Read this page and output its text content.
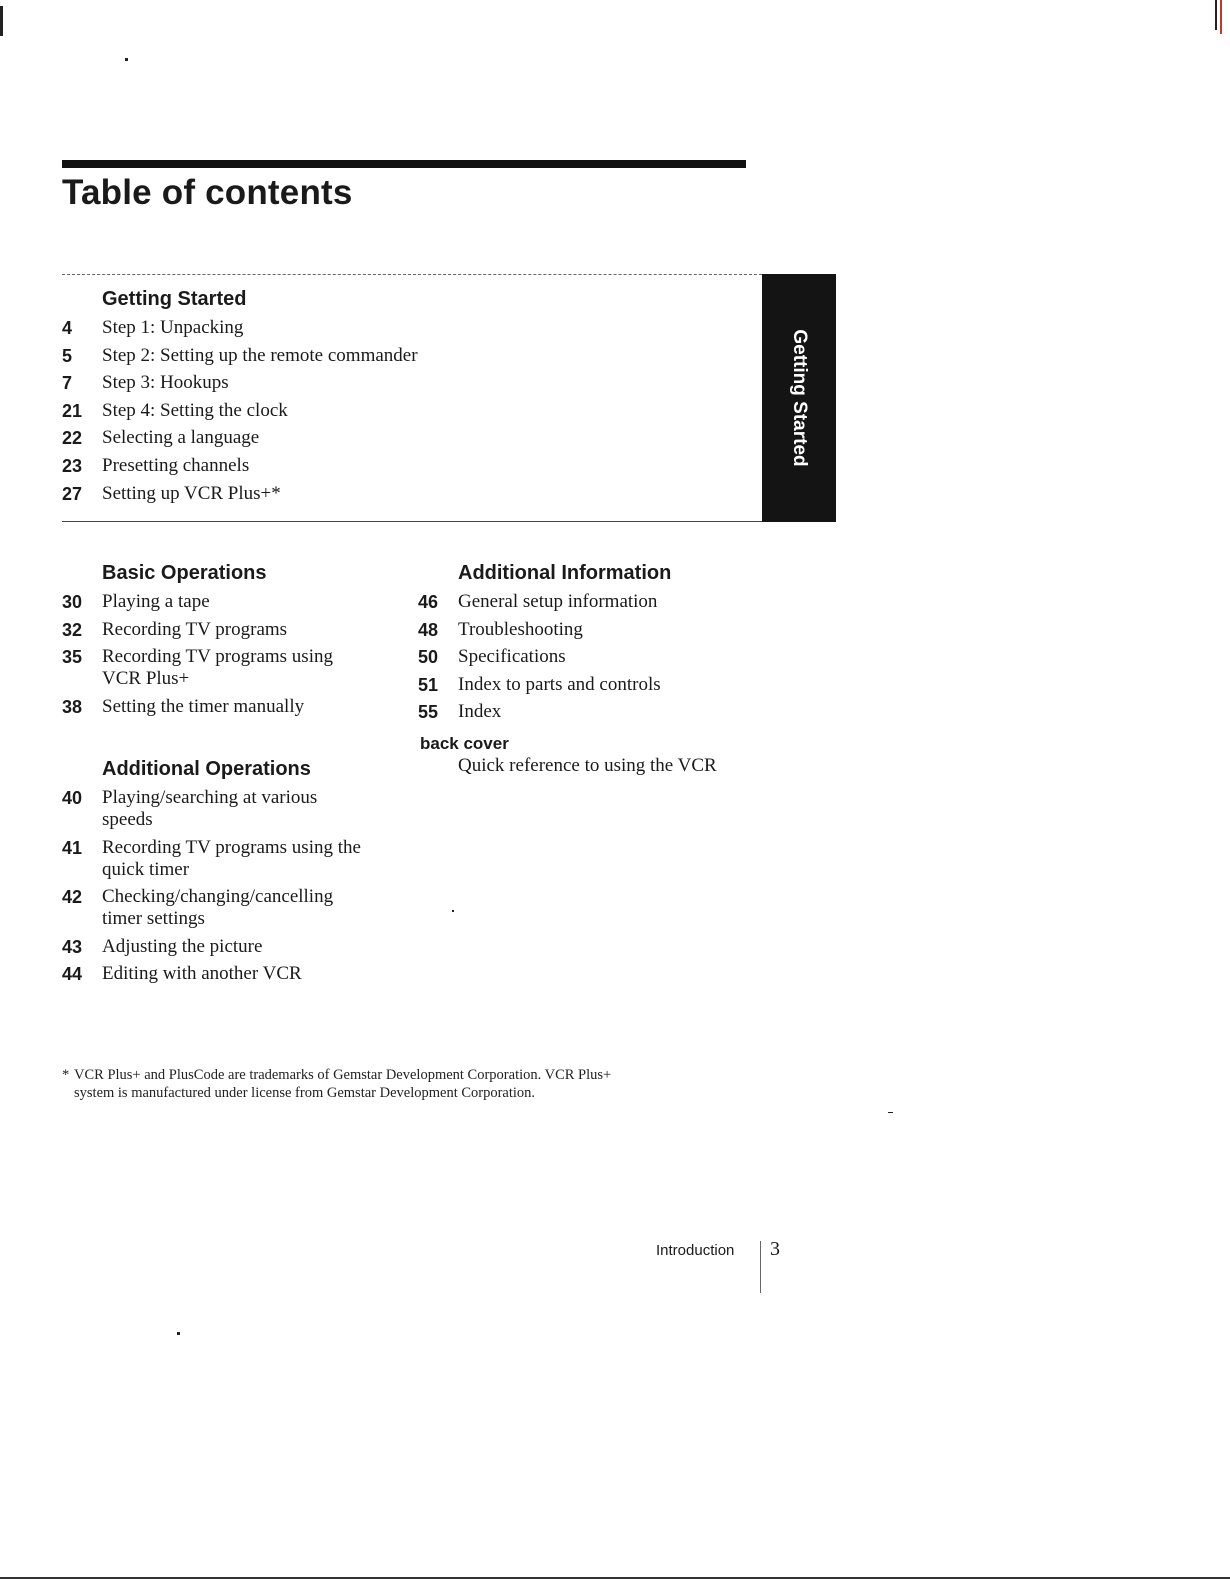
Table of contents
Getting Started
Getting Started
4 Step 1: Unpacking
5 Step 2: Setting up the remote commander
7 Step 3: Hookups
21 Step 4: Setting the clock
22 Selecting a language
23 Presetting channels
27 Setting up VCR Plus+*
Basic Operations
30 Playing a tape
32 Recording TV programs
35 Recording TV programs using VCR Plus+
38 Setting the timer manually
Additional Operations
40 Playing/searching at various speeds
41 Recording TV programs using the quick timer
42 Checking/changing/cancelling timer settings
43 Adjusting the picture
44 Editing with another VCR
Additional Information
46 General setup information
48 Troubleshooting
50 Specifications
51 Index to parts and controls
55 Index
back cover
Quick reference to using the VCR
* VCR Plus+ and PlusCode are trademarks of Gemstar Development Corporation. VCR Plus+
system is manufactured under license from Gemstar Development Corporation.
Introduction 3
